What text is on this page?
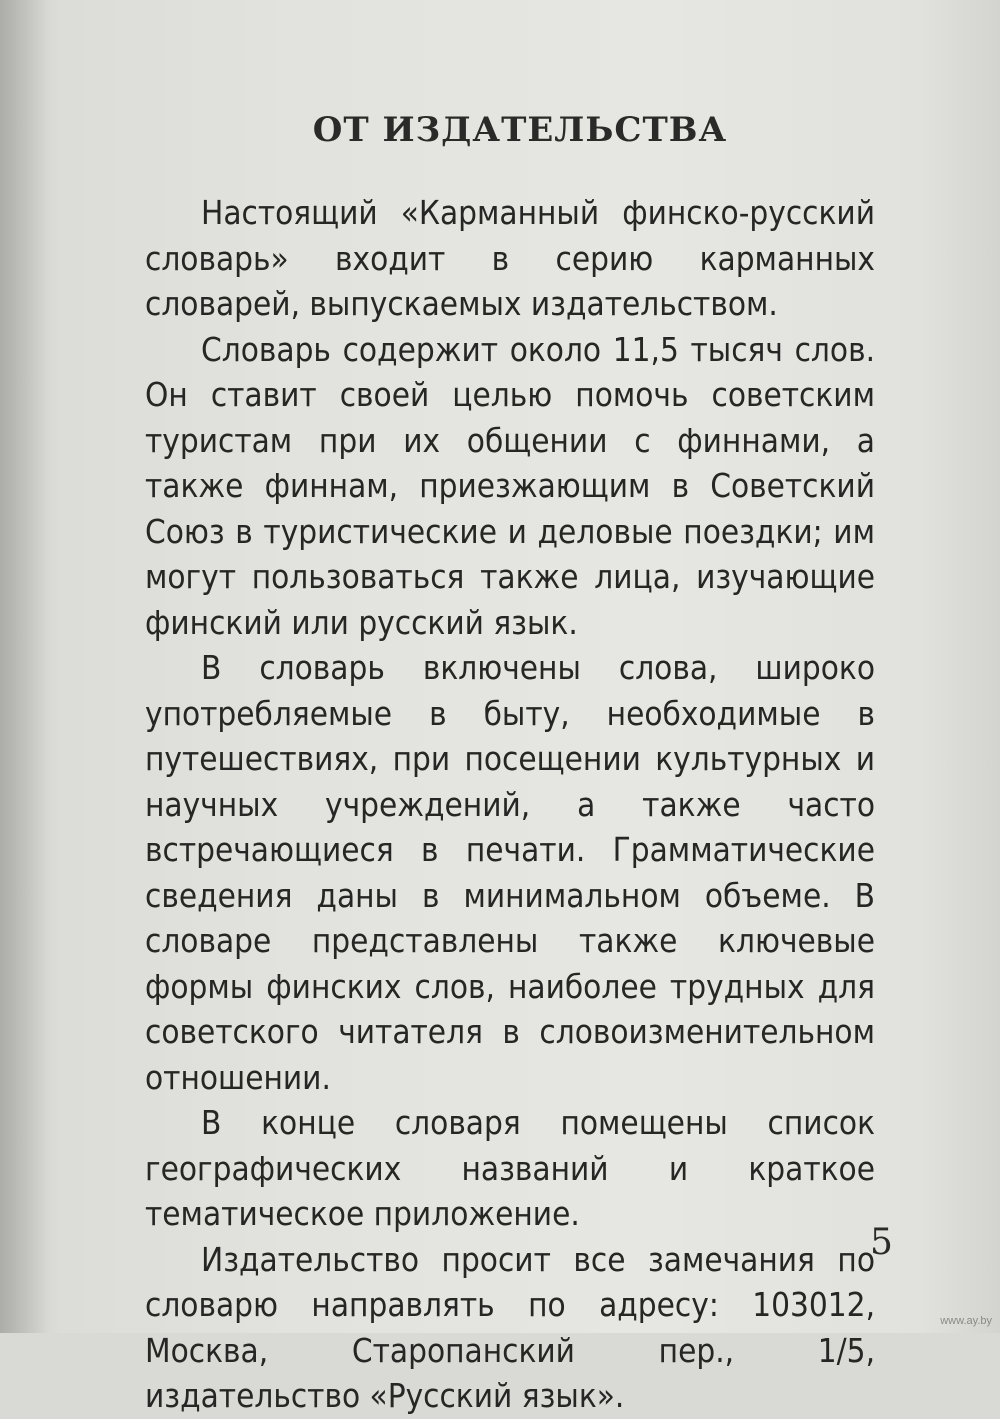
ОТ ИЗДАТЕЛЬСТВА

Настоящий «Карманный финско-русский словарь» входит в серию карманных словарей, выпускаемых издательством.

Словарь содержит около 11,5 тысяч слов. Он ставит своей целью помочь советским туристам при их общении с финнами, а также финнам, приезжающим в Советский Союз в туристические и деловые поездки; им могут пользоваться также лица, изучающие финский или русский язык.

В словарь включены слова, широко употребляемые в быту, необходимые в путешествиях, при посещении культурных и научных учреждений, а также часто встречающиеся в печати. Грамматические сведения даны в минимальном объеме. В словаре представлены также ключевые формы финских слов, наиболее трудных для советского читателя в словоизменительном отношении.

В конце словаря помещены список географических названий и краткое тематическое приложение.

Издательство просит все замечания по словарю направлять по адресу: 103012, Москва, Старопанский пер., 1/5, издательство «Русский язык».

5
www.ay.by
